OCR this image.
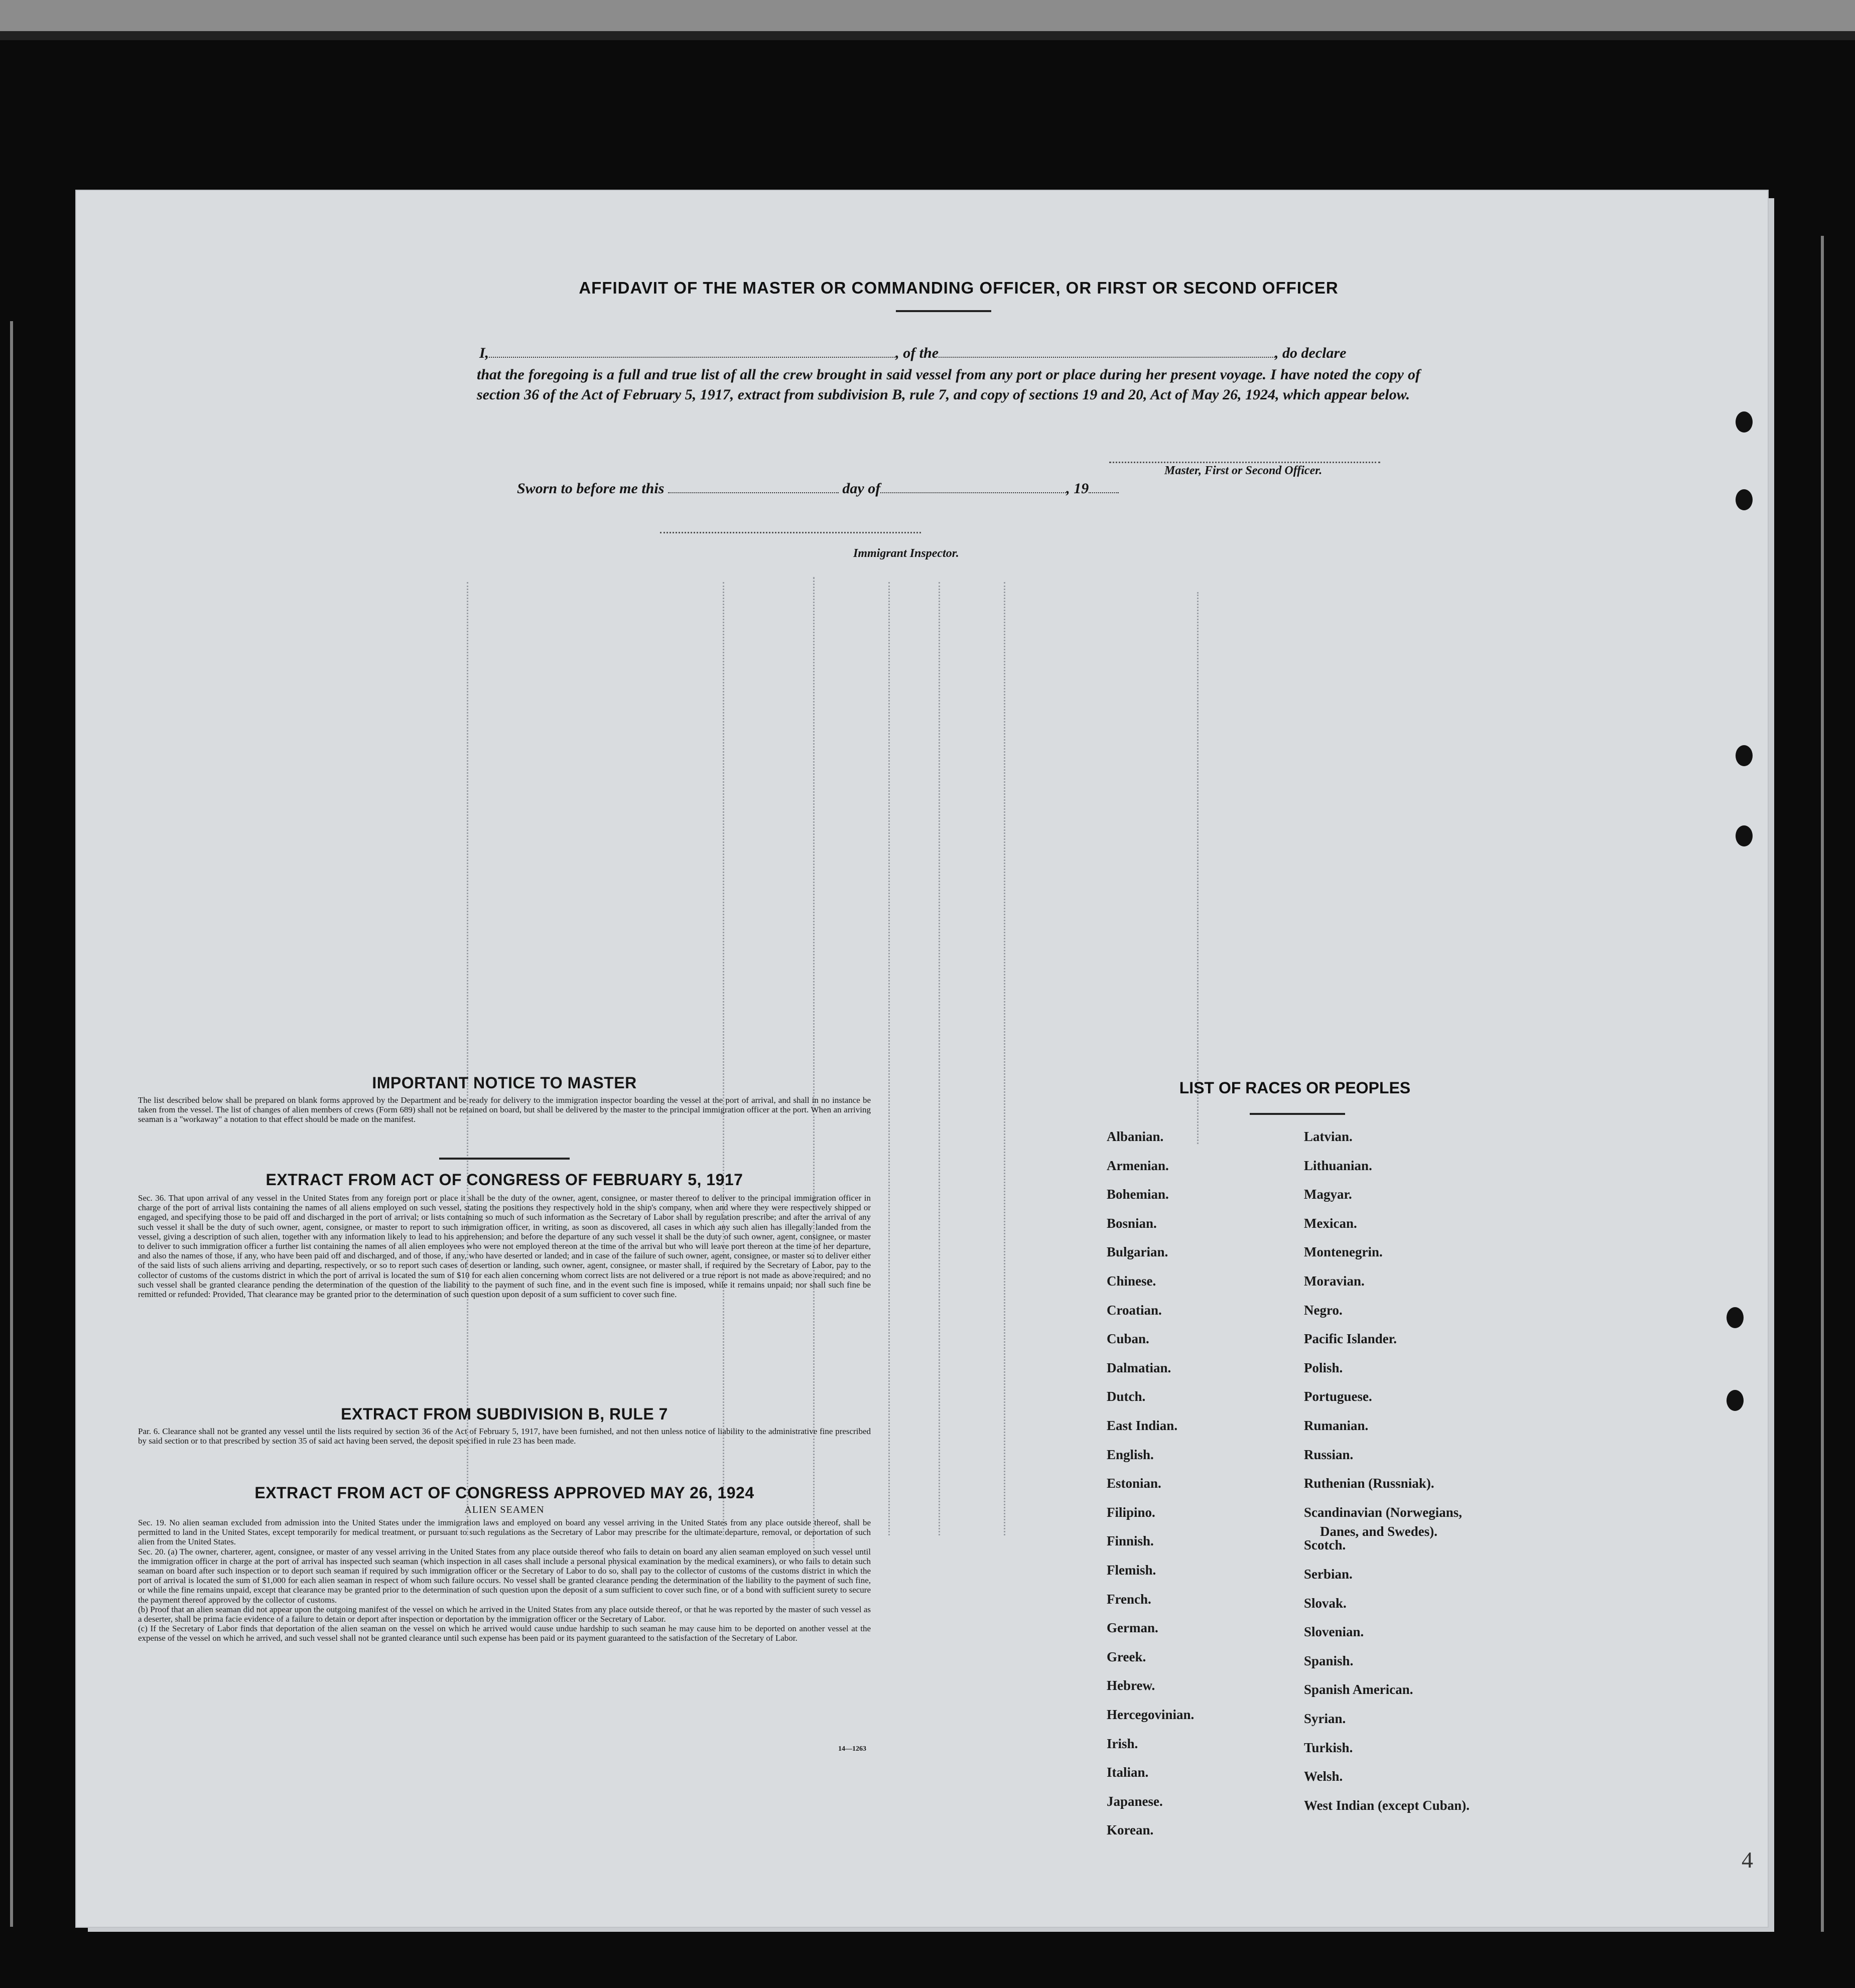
AFFIDAVIT OF THE MASTER OR COMMANDING OFFICER, OR FIRST OR SECOND OFFICER
I,	, of the	, do declare
that the foregoing is a full and true list of all the crew brought in said vessel from any port or place during her present voyage. I have noted the copy of section 36 of the Act of February 5, 1917, extract from subdivision B, rule 7, and copy of sections 19 and 20, Act of May 26, 1924, which appear below.
Master, First or Second Officer.
Sworn to before me this	day of	, 19
Immigrant Inspector.

IMPORTANT NOTICE TO MASTER

The list described below shall be prepared on blank forms approved by the Department and be ready for delivery to the immigration inspector boarding the vessel at the port of arrival, and shall in no instance be taken from the vessel. The list of changes of alien members of crews (Form 689) shall not be retained on board, but shall be delivered by the master to the principal immigration officer at the port. When an arriving seaman is a "workaway" a notation to that effect should be made on the manifest.

EXTRACT FROM ACT OF CONGRESS OF FEBRUARY 5, 1917

Sec. 36. That upon arrival of any vessel in the United States from any foreign port or place it shall be the duty of the owner, agent, consignee, or master thereof to deliver to the principal immigration officer in charge of the port of arrival lists containing the names of all aliens employed on such vessel, stating the positions they respectively hold in the ship's company, when and where they were respectively shipped or engaged, and specifying those to be paid off and discharged in the port of arrival; or lists containing so much of such information as the Secretary of Labor shall by regulation prescribe; and after the arrival of any such vessel it shall be the duty of such owner, agent, consignee, or master to report to such immigration officer, in writing, as soon as discovered, all cases in which any such alien has illegally landed from the vessel, giving a description of such alien, together with any information likely to lead to his apprehension; and before the departure of any such vessel it shall be the duty of such owner, agent, consignee, or master to deliver to such immigration officer a further list containing the names of all alien employees who were not employed thereon at the time of the arrival but who will leave port thereon at the time of her departure, and also the names of those, if any, who have been paid off and discharged, and of those, if any, who have deserted or landed; and in case of the failure of such owner, agent, consignee, or master so to deliver either of the said lists of such aliens arriving and departing, respectively, or so to report such cases of desertion or landing, such owner, agent, consignee, or master shall, if required by the Secretary of Labor, pay to the collector of customs of the customs district in which the port of arrival is located the sum of $10 for each alien concerning whom correct lists are not delivered or a true report is not made as above required; and no such vessel shall be granted clearance pending the determination of the question of the liability to the payment of such fine, and in the event such fine is imposed, while it remains unpaid; nor shall such fine be remitted or refunded: Provided, That clearance may be granted prior to the determination of such question upon deposit of a sum sufficient to cover such fine.

EXTRACT FROM SUBDIVISION B, RULE 7

Par. 6. Clearance shall not be granted any vessel until the lists required by section 36 of the Act of February 5, 1917, have been furnished, and not then unless notice of liability to the administrative fine prescribed by said section or to that prescribed by section 35 of said act having been served, the deposit specified in rule 23 has been made.

EXTRACT FROM ACT OF CONGRESS APPROVED MAY 26, 1924

ALIEN SEAMEN

Sec. 19. No alien seaman excluded from admission into the United States under the immigration laws and employed on board any vessel arriving in the United States from any place outside thereof, shall be permitted to land in the United States, except temporarily for medical treatment, or pursuant to such regulations as the Secretary of Labor may prescribe for the ultimate departure, removal, or deportation of such alien from the United States.

Sec. 20. (a) The owner, charterer, agent, consignee, or master of any vessel arriving in the United States from any place outside thereof who fails to detain on board any alien seaman employed on such vessel until the immigration officer in charge at the port of arrival has inspected such seaman (which inspection in all cases shall include a personal physical examination by the medical examiners), or who fails to detain such seaman on board after such inspection or to deport such seaman if required by such immigration officer or the Secretary of Labor to do so, shall pay to the collector of customs of the customs district in which the port of arrival is located the sum of $1,000 for each alien seaman in respect of whom such failure occurs. No vessel shall be granted clearance pending the determination of the liability to the payment of such fine, or while the fine remains unpaid, except that clearance may be granted prior to the determination of such question upon the deposit of a sum sufficient to cover such fine, or of a bond with sufficient surety to secure the payment thereof approved by the collector of customs.

(b) Proof that an alien seaman did not appear upon the outgoing manifest of the vessel on which he arrived in the United States from any place outside thereof, or that he was reported by the master of such vessel as a deserter, shall be prima facie evidence of a failure to detain or deport after inspection or deportation by the immigration officer or the Secretary of Labor.

(c) If the Secretary of Labor finds that deportation of the alien seaman on the vessel on which he arrived would cause undue hardship to such seaman he may cause him to be deported on another vessel at the expense of the vessel on which he arrived, and such vessel shall not be granted clearance until such expense has been paid or its payment guaranteed to the satisfaction of the Secretary of Labor.

14—1263
LIST OF RACES OR PEOPLES
Albanian.
Armenian.
Bohemian.
Bosnian.
Bulgarian.
Chinese.
Croatian.
Cuban.
Dalmatian.
Dutch.
East Indian.
English.
Estonian.
Filipino.
Finnish.
Flemish.
French.
German.
Greek.
Hebrew.
Hercegovinian.
Irish.
Italian.
Japanese.
Korean.
Latvian.
Lithuanian.
Magyar.
Mexican.
Montenegrin.
Moravian.
Negro.
Pacific Islander.
Polish.
Portuguese.
Rumanian.
Russian.
Ruthenian (Russniak).
Scandinavian (Norwegians,
Danes, and Swedes).
Scotch.
Serbian.
Slovak.
Slovenian.
Spanish.
Spanish American.
Syrian.
Turkish.
Welsh.
West Indian (except Cuban).
4
